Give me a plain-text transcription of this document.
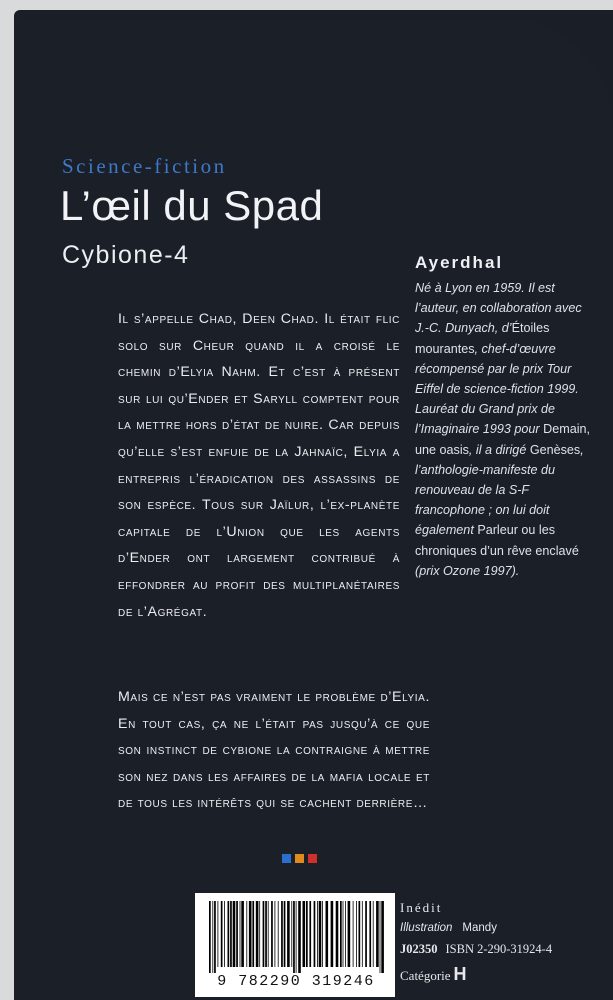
Science-fiction
L’œil du Spad
Cybione-4	Ayerdhal
Né à Lyon en 1959. Il est l’auteur, en collaboration avec J.-C. Dunyach, d’Étoiles mourantes, chef-d’œuvre récompensé par le prix Tour Eiffel de science-fiction 1999. Lauréat du Grand prix de l’Imaginaire 1993 pour Demain, une oasis, il a dirigé Genèses, l’anthologie-manifeste du renouveau de la S-F francophone ; on lui doit également Parleur ou les chroniques d’un rêve enclavé (prix Ozone 1997).
Il s’appelle Chad, Deen Chad. Il était flic solo sur Cheur quand il a croisé le chemin d’Elyia Nahm. Et c’est à présent sur lui qu’Ender et Saryll comptent pour la mettre hors d’état de nuire. Car depuis qu’elle s’est enfuie de la Jahnaïc, Elyia a entrepris l’éradication des assassins de son espèce. Tous sur Jaïlur, l’ex-planète capitale de l’Union que les agents d’Ender ont largement contribué à effondrer au profit des multiplanétaires de l’Agrégat.
Mais ce n’est pas vraiment le problème d’Elyia. En tout cas, ça ne l’était pas jusqu’à ce que son instinct de cybione la contraigne à mettre son nez dans les affaires de la mafia locale et de tous les intérêts qui se cachent derrière…
9 782290 319246
Inédit
Illustration Mandy
J02350 ISBN 2-290-31924-4
Catégorie H
